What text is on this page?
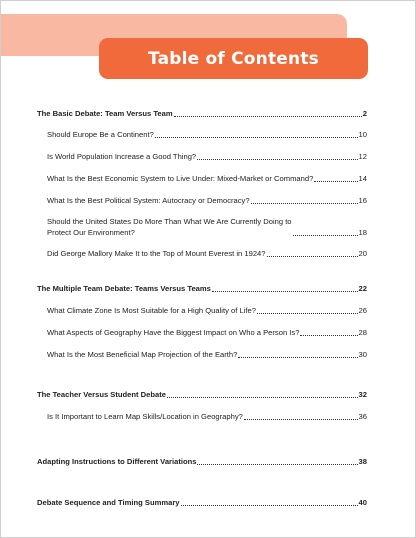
Table of Contents
The Basic Debate: Team Versus Team	2
Should Europe Be a Continent?	10
Is World Population Increase a Good Thing?	12
What Is the Best Economic System to Live Under: Mixed-Market or Command?	14
What Is the Best Political System: Autocracy or Democracy?	16
Should the United States Do More Than What We Are Currently Doing to
Protect Our Environment?	18
Did George Mallory Make It to the Top of Mount Everest in 1924?	20
The Multiple Team Debate: Teams Versus Teams	22
What Climate Zone Is Most Suitable for a High Quality of Life?	26
What Aspects of Geography Have the Biggest Impact on Who a Person Is?	28
What Is the Most Beneficial Map Projection of the Earth?	30
The Teacher Versus Student Debate	32
Is It Important to Learn Map Skills/Location in Geography?	36
Adapting Instructions to Different Variations	38
Debate Sequence and Timing Summary	40
